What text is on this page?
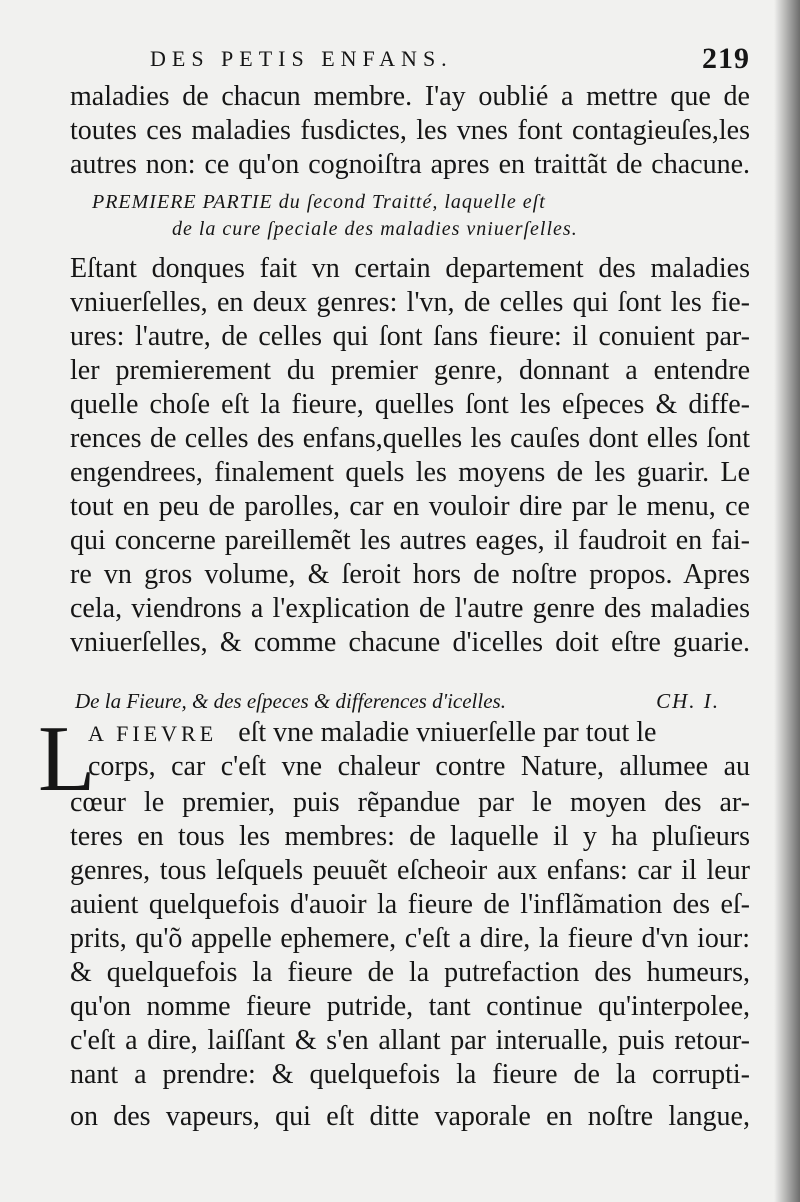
DES PETIS ENFANS.	219
maladies de chacun membre. I'ay oublié a mettre que de
toutes ces maladies fusdictes, les vnes font contagieuſes,les
autres non: ce qu'on cognoiſtra apres en traittãt de chacune.
PREMIERE PARTIE du ſecond Traitté, laquelle eſt
de la cure ſpeciale des maladies vniuerſelles.
Eſtant donques fait vn certain departement des maladies
vniuerſelles, en deux genres: l'vn, de celles qui ſont les fie-
ures: l'autre, de celles qui ſont ſans fieure: il conuient par-
ler premierement du premier genre, donnant a entendre
quelle choſe eſt la fieure, quelles ſont les eſpeces & diffe-
rences de celles des enfans,quelles les cauſes dont elles ſont
engendrees, finalement quels les moyens de les guarir. Le
tout en peu de parolles, car en vouloir dire par le menu, ce
qui concerne pareillemẽt les autres eages, il faudroit en fai-
re vn gros volume, & ſeroit hors de noſtre propos. Apres
cela, viendrons a l'explication de l'autre genre des maladies
vniuerſelles, & comme chacune d'icelles doit eſtre guarie.
De la Fieure, & des eſpeces & differences d'icelles.	CH. I.
L
A FIEVRE eſt vne maladie vniuerſelle par tout le
corps, car c'eſt vne chaleur contre Nature, allumee au
cœur le premier, puis rẽpandue par le moyen des ar-
teres en tous les membres: de laquelle il y ha pluſieurs
genres, tous leſquels peuuẽt eſcheoir aux enfans: car il leur
auient quelquefois d'auoir la fieure de l'inflãmation des eſ-
prits, qu'õ appelle ephemere, c'eſt a dire, la fieure d'vn iour:
& quelquefois la fieure de la putrefaction des humeurs,
qu'on nomme fieure putride, tant continue qu'interpolee,
c'eſt a dire, laiſſant & s'en allant par interualle, puis retour-
nant a prendre: & quelquefois la fieure de la corrupti-
on des vapeurs, qui eſt ditte vaporale en noſtre langue,
